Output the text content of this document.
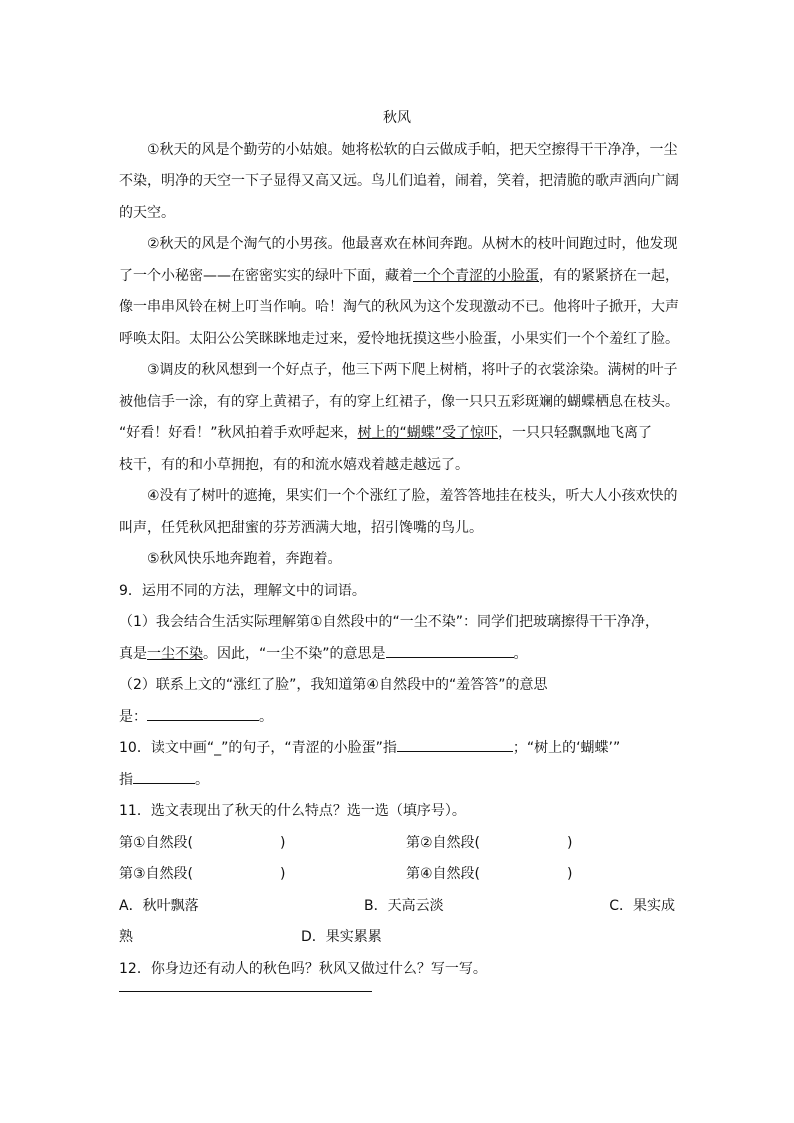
秋风
①秋天的风是个勤劳的小姑娘。她将松软的白云做成手帕，把天空擦得干干净净，一尘
不染，明净的天空一下子显得又高又远。鸟儿们追着，闹着，笑着，把清脆的歌声洒向广阔
的天空。
②秋天的风是个淘气的小男孩。他最喜欢在林间奔跑。从树木的枝叶间跑过时，他发现
了一个小秘密——在密密实实的绿叶下面，藏着一个个青涩的小脸蛋，有的紧紧挤在一起，
像一串串风铃在树上叮当作响。哈！淘气的秋风为这个发现激动不已。他将叶子掀开，大声
呼唤太阳。太阳公公笑眯眯地走过来，爱怜地抚摸这些小脸蛋，小果实们一个个羞红了脸。
③调皮的秋风想到一个好点子，他三下两下爬上树梢，将叶子的衣裳涂染。满树的叶子
被他信手一涂，有的穿上黄裙子，有的穿上红裙子，像一只只五彩斑斓的蝴蝶栖息在枝头。
“好看！好看！”秋风拍着手欢呼起来，树上的“蝴蝶”受了惊吓，一只只轻飘飘地飞离了
枝干，有的和小草拥抱，有的和流水嬉戏着越走越远了。
④没有了树叶的遮掩，果实们一个个涨红了脸，羞答答地挂在枝头，听大人小孩欢快的
叫声，任凭秋风把甜蜜的芬芳洒满大地，招引馋嘴的鸟儿。
⑤秋风快乐地奔跑着，奔跑着。
9．运用不同的方法，理解文中的词语。
（1）我会结合生活实际理解第①自然段中的“一尘不染”：同学们把玻璃擦得干干净净，
真是一尘不染。因此，“一尘不染”的意思是	。
（2）联系上文的“涨红了脸”，我知道第④自然段中的“羞答答”的意思
是：	。
10．读文中画“_”的句子，“青涩的小脸蛋”指	；“树上的‘蝴蝶’”
指	。
11．选文表现出了秋天的什么特点？选一选（填序号）。
第①自然段(	)	第②自然段(	)
第③自然段(	)	第④自然段(	)
A．秋叶飘落	B．天高云淡	C．果实成
熟	D．果实累累
12．你身边还有动人的秋色吗？秋风又做过什么？写一写。
